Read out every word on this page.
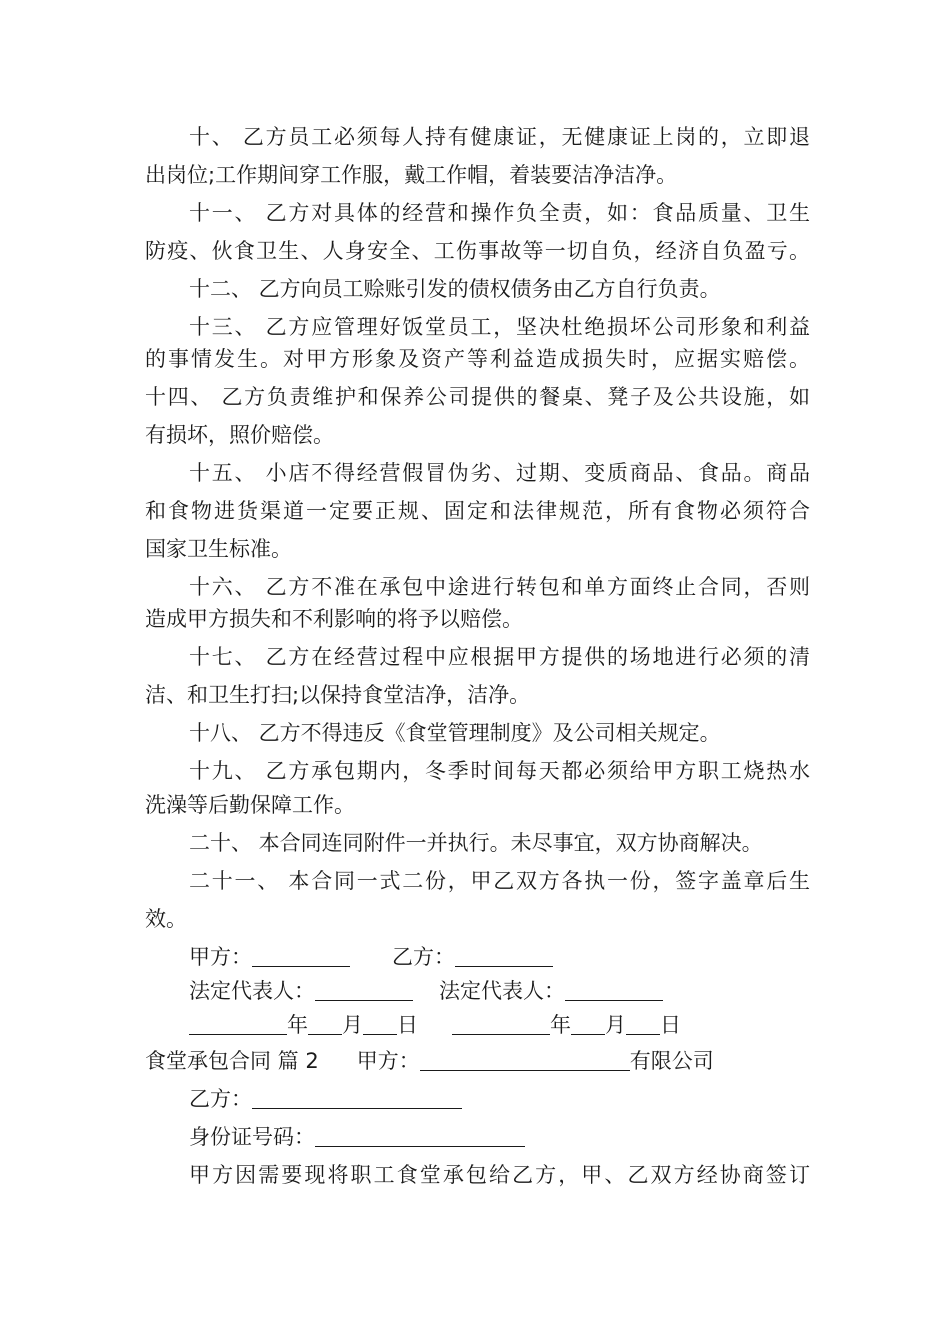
十、 乙方员工必须每人持有健康证，无健康证上岗的，立即退
出岗位;工作期间穿工作服，戴工作帽，着装要洁净洁净。
十一、 乙方对具体的经营和操作负全责，如：食品质量、卫生
防疫、伙食卫生、人身安全、工伤事故等一切自负，经济自负盈亏。
十二、 乙方向员工赊账引发的债权债务由乙方自行负责。
十三、 乙方应管理好饭堂员工，坚决杜绝损坏公司形象和利益
的事情发生。对甲方形象及资产等利益造成损失时，应据实赔偿。
十四、 乙方负责维护和保养公司提供的餐桌、凳子及公共设施，如
有损坏，照价赔偿。
十五、 小店不得经营假冒伪劣、过期、变质商品、食品。商品
和食物进货渠道一定要正规、固定和法律规范，所有食物必须符合
国家卫生标准。
十六、 乙方不准在承包中途进行转包和单方面终止合同，否则
造成甲方损失和不利影响的将予以赔偿。
十七、 乙方在经营过程中应根据甲方提供的场地进行必须的清
洁、和卫生打扫;以保持食堂洁净，洁净。
十八、 乙方不得违反《食堂管理制度》及公司相关规定。
十九、 乙方承包期内，冬季时间每天都必须给甲方职工烧热水
洗澡等后勤保障工作。
二十、 本合同连同附件一并执行。未尽事宜，双方协商解决。
二十一、 本合同一式二份，甲乙双方各执一份，签字盖章后生
效。
甲方：	乙方：
法定代表人：	法定代表人：
年 月 日	年 月 日
食堂承包合同 篇 2 甲方：	有限公司
乙方：
身份证号码：
甲方因需要现将职工食堂承包给乙方，甲、乙双方经协商签订
